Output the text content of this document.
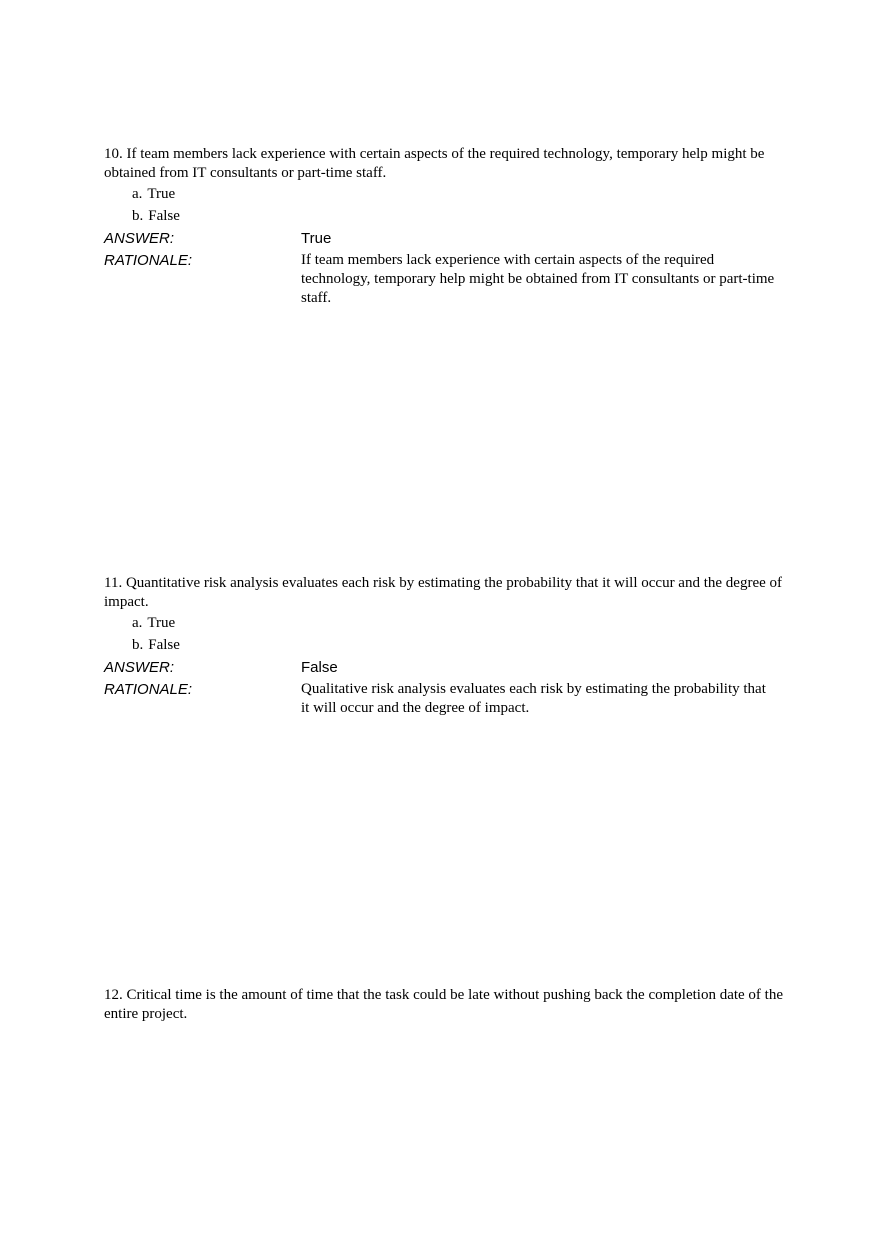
10. If team members lack experience with certain aspects of the required technology, temporary help might be obtained from IT consultants or part-time staff.

a. True
b. False
ANSWER:	True
RATIONALE:	If team members lack experience with certain aspects of the required technology, temporary help might be obtained from IT consultants or part-time staff.

11. Quantitative risk analysis evaluates each risk by estimating the probability that it will occur and the degree of impact.

a. True
b. False
ANSWER:	False
RATIONALE:	Qualitative risk analysis evaluates each risk by estimating the probability that it will occur and the degree of impact.

12. Critical time is the amount of time that the task could be late without pushing back the completion date of the entire project.
